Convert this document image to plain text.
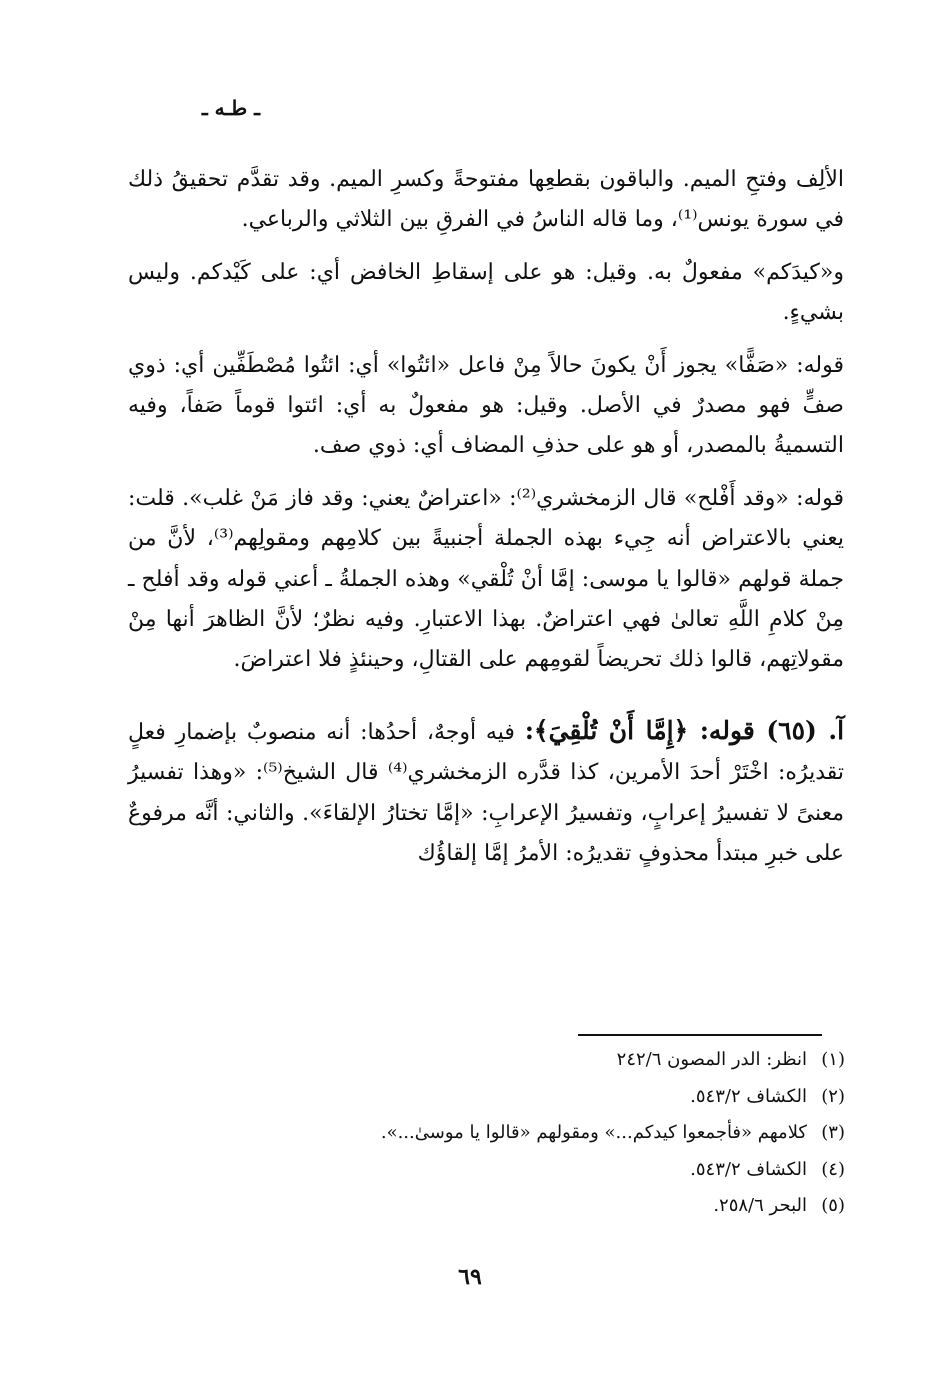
ـ طـه ـ

الألِف وفتحِ الميم. والباقون بقطعِها مفتوحةً وكسرِ الميم. وقد تقدَّم تحقيقُ ذلك في سورة يونس⁽¹⁾، وما قاله الناسُ في الفرقِ بين الثلاثي والرباعي.

و«كيدَكم» مفعولٌ به. وقيل: هو على إسقاطِ الخافض أي: على كَيْدكم. وليس بشيءٍ.

قوله: «صَفًّا» يجوز أَنْ يكونَ حالاً مِنْ فاعل «ائتُوا» أي: ائتُوا مُصْطَفِّين أي: ذوي صفٍّ فهو مصدرٌ في الأصل. وقيل: هو مفعولٌ به أي: ائتوا قوماً صَفاً، وفيه التسميةُ بالمصدر، أو هو على حذفِ المضاف أي: ذوي صف.

قوله: «وقد أَفْلح» قال الزمخشري⁽²⁾: «اعتراضٌ يعني: وقد فاز مَنْ غلب». قلت: يعني بالاعتراض أنه جِيء بهذه الجملة أجنبيةً بين كلامِهم ومقولِهم⁽³⁾، لأنَّ من جملة قولهم «قالوا يا موسى: إمَّا أنْ تُلْقي» وهذه الجملةُ ـ أعني قوله وقد أفلح ـ مِنْ كلامِ اللَّهِ تعالىٰ فهي اعتراضٌ. بهذا الاعتبارِ. وفيه نظرٌ؛ لأنَّ الظاهرَ أنها مِنْ مقولاتِهم، قالوا ذلك تحريضاً لقومِهم على القتالِ، وحينئذٍ فلا اعتراضَ.

آ. (٦٥) قوله: ﴿إِمَّا أَنْ تُلْقِيَ﴾: فيه أوجهٌ، أحدُها: أنه منصوبٌ بإضمارِ فعلٍ تقديرُه: اخْتَرْ أحدَ الأمرين، كذا قدَّره الزمخشري⁽⁴⁾ قال الشيخ⁽⁵⁾: «وهذا تفسيرُ معنىً لا تفسيرُ إعرابٍ، وتفسيرُ الإعرابِ: «إمَّا تختارُ الإلقاءَ». والثاني: أنَّه مرفوعٌ على خبرِ مبتدأ محذوفٍ تقديرُه: الأمرُ إمَّا إلقاؤُك

(١)انظر: الدر المصون ٢٤٢/٦
(٢)الكشاف ٥٤٣/٢.
(٣)كلامهم «فأجمعوا كيدكم...» ومقولهم «قالوا يا موسىٰ...».
(٤)الكشاف ٥٤٣/٢.
(٥)البحر ٢٥٨/٦.
٦٩
